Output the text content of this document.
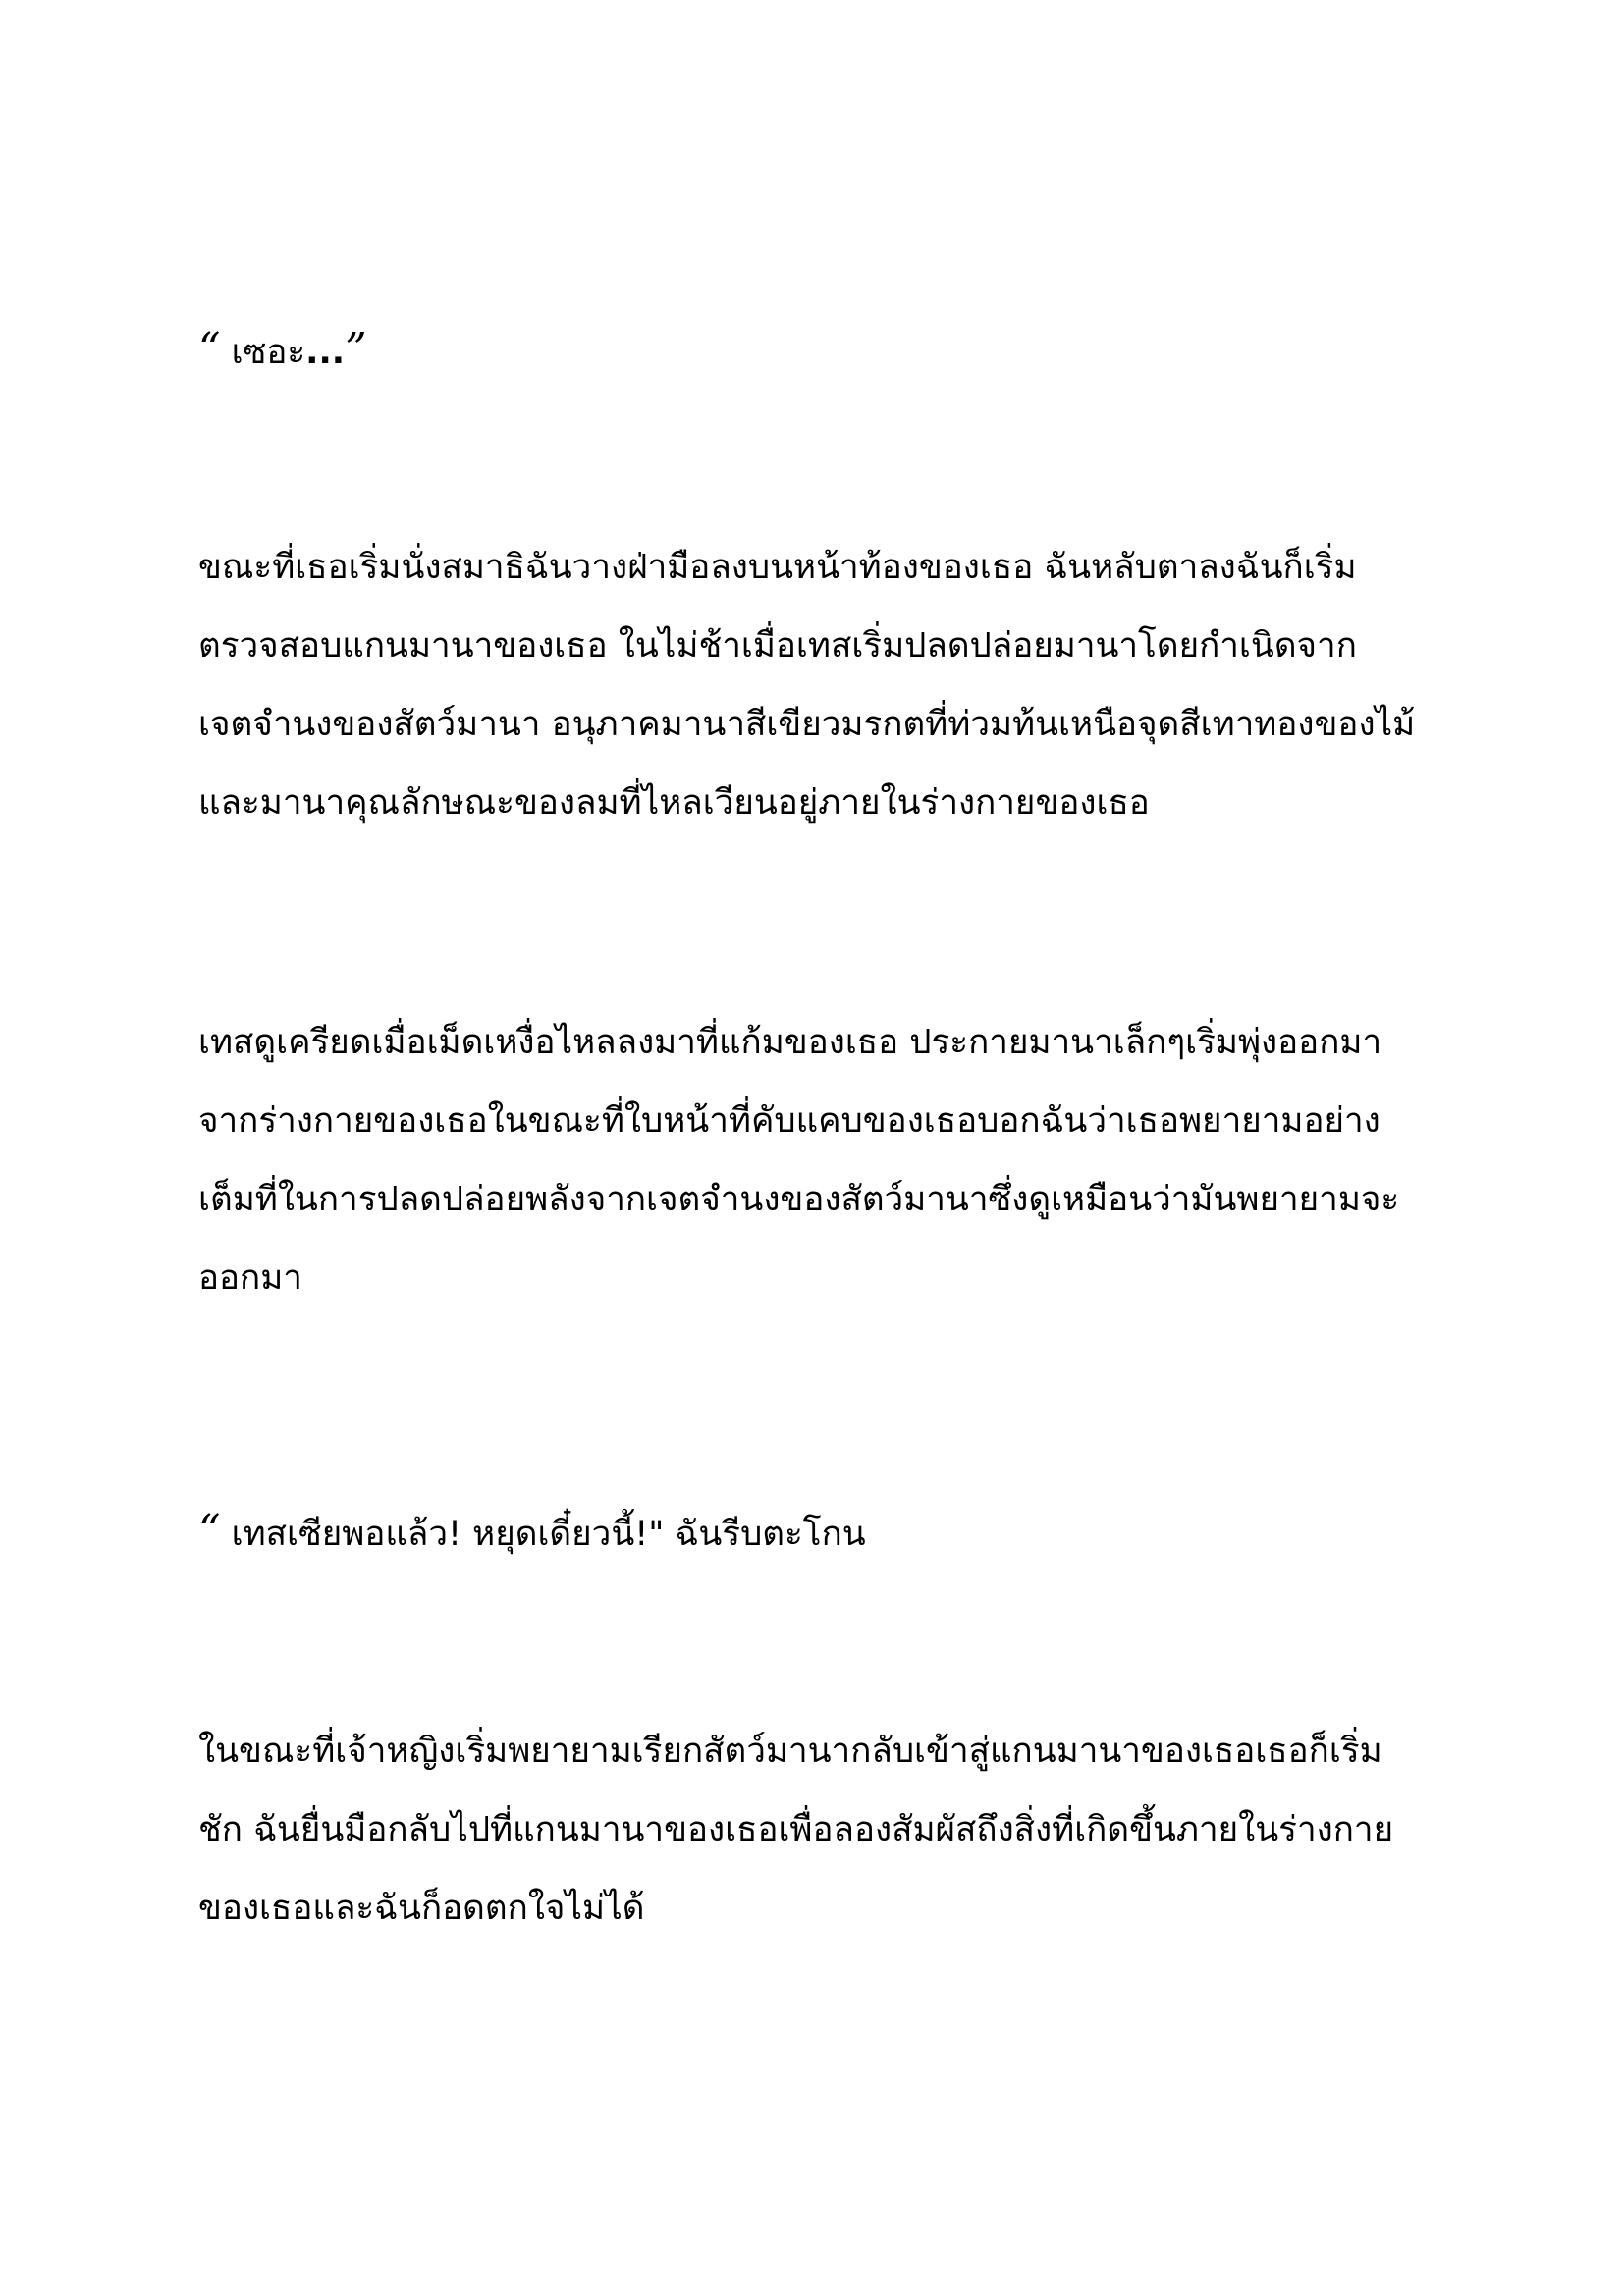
“ เซอะ...”

ขณะที่เธอเริ่มนั่งสมาธิฉันวางฝ่ามือลงบนหน้าท้องของเธอ ฉันหลับตาลงฉันก็เริ่ม
ตรวจสอบแกนมานาของเธอ ในไม่ช้าเมื่อเทสเริ่มปลดปล่อยมานาโดยกำเนิดจาก
เจตจำนงของสัตว์มานา อนุภาคมานาสีเขียวมรกตที่ท่วมท้นเหนือจุดสีเทาทองของไม้
และมานาคุณลักษณะของลมที่ไหลเวียนอยู่ภายในร่างกายของเธอ

เทสดูเครียดเมื่อเม็ดเหงื่อไหลลงมาที่แก้มของเธอ ประกายมานาเล็กๆเริ่มพุ่งออกมา
จากร่างกายของเธอในขณะที่ใบหน้าที่คับแคบของเธอบอกฉันว่าเธอพยายามอย่าง
เต็มที่ในการปลดปล่อยพลังจากเจตจำนงของสัตว์มานาซึ่งดูเหมือนว่ามันพยายามจะ
ออกมา

“ เทสเซียพอแล้ว! หยุดเดี๋ยวนี้!" ฉันรีบตะโกน

ในขณะที่เจ้าหญิงเริ่มพยายามเรียกสัตว์มานากลับเข้าสู่แกนมานาของเธอเธอก็เริ่ม
ชัก ฉันยื่นมือกลับไปที่แกนมานาของเธอเพื่อลองสัมผัสถึงสิ่งที่เกิดขึ้นภายในร่างกาย
ของเธอและฉันก็อดตกใจไม่ได้
